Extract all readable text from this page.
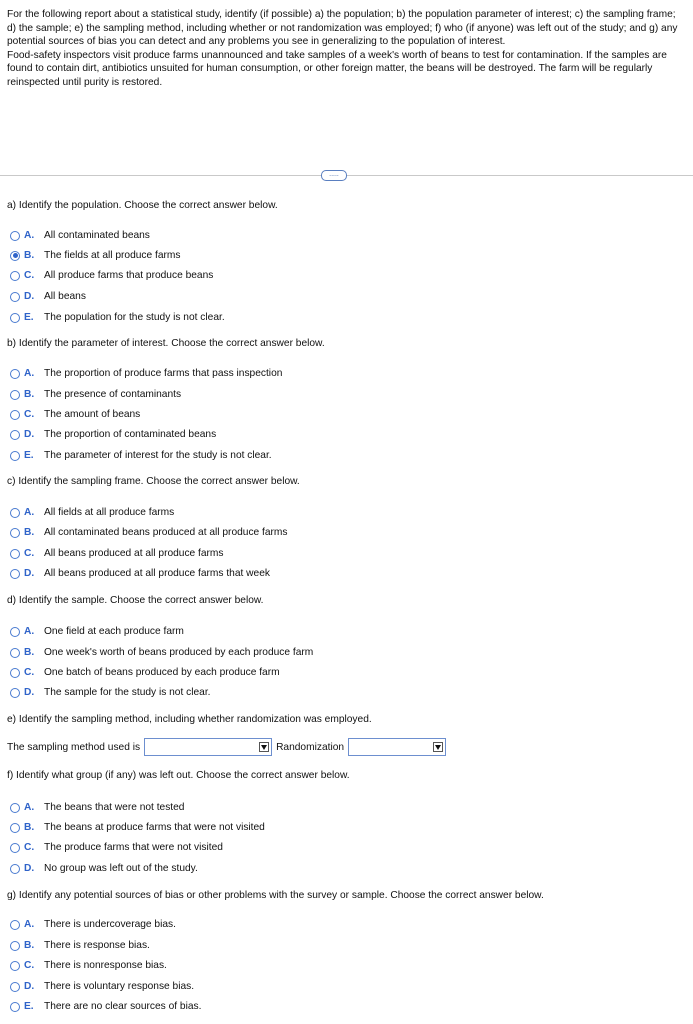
For the following report about a statistical study, identify (if possible) a) the population; b) the population parameter of interest; c) the sampling frame; d) the sample; e) the sampling method, including whether or not randomization was employed; f) who (if anyone) was left out of the study; and g) any potential sources of bias you can detect and any problems you see in generalizing to the population of interest.

Food-safety inspectors visit produce farms unannounced and take samples of a week's worth of beans to test for contamination. If the samples are found to contain dirt, antibiotics unsuited for human consumption, or other foreign matter, the beans will be destroyed. The farm will be regularly reinspected until purity is restored.

.....
a) Identify the population. Choose the correct answer below.
A. All contaminated beans
B. The fields at all produce farms
C. All produce farms that produce beans
D. All beans
E.	The population for the study is not clear.
b) Identify the parameter of interest. Choose the correct answer below.
A. The proportion of produce farms that pass inspection
B. The presence of contaminants
C. The amount of beans
D. The proportion of contaminated beans
E.	The parameter of interest for the study is not clear.
c) Identify the sampling frame. Choose the correct answer below.
A. All fields at all produce farms
B. All contaminated beans produced at all produce farms
C. All beans produced at all produce farms
D. All beans produced at all produce farms that week
d) Identify the sample. Choose the correct answer below.
A. One field at each produce farm
B. One week's worth of beans produced by each produce farm
C. One batch of beans produced by each produce farm
D. The sample for the study is not clear.
e) Identify the sampling method, including whether randomization was employed.
The sampling method used is	Randomization
f) Identify what group (if any) was left out. Choose the correct answer below.
A. The beans that were not tested
B. The beans at produce farms that were not visited
C. The produce farms that were not visited
D. No group was left out of the study.
g) Identify any potential sources of bias or other problems with the survey or sample. Choose the correct answer below.
A. There is undercoverage bias.
B. There is response bias.
C. There is nonresponse bias.
D. There is voluntary response bias.
E.	There are no clear sources of bias.
